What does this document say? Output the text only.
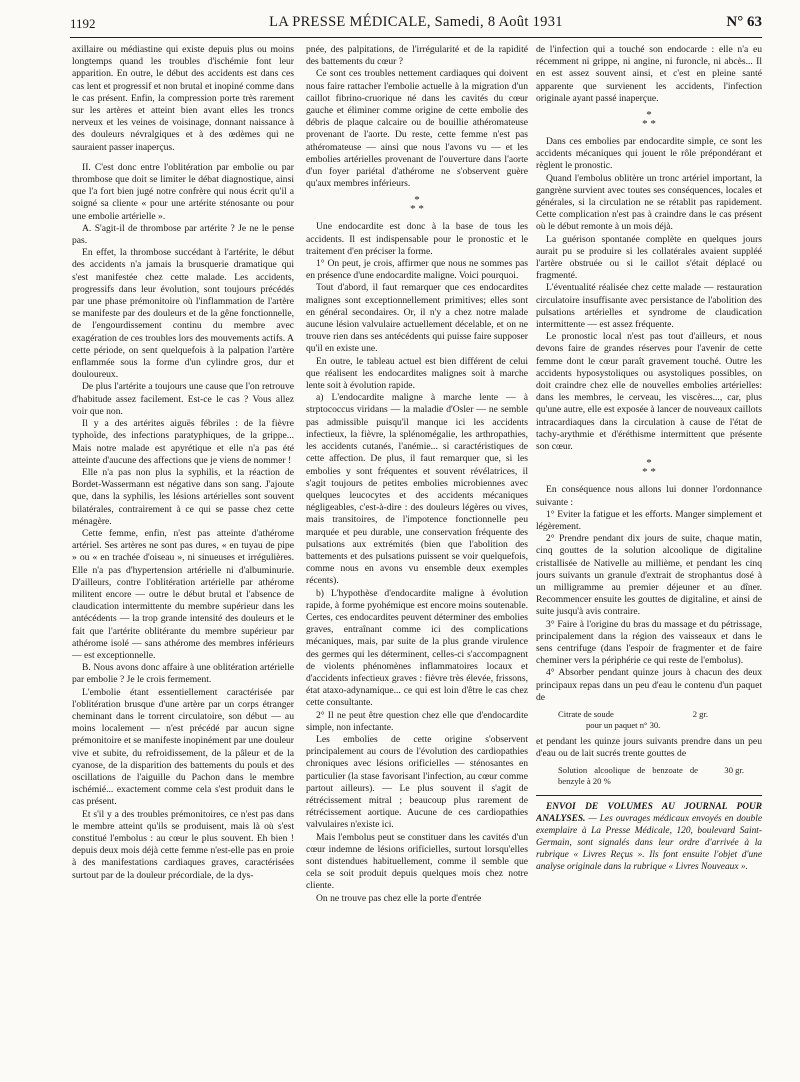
1192	LA PRESSE MÉDICALE, Samedi, 8 Août 1931	N° 63

axillaire ou médiastine qui existe depuis plus ou moins longtemps quand les troubles d'ischémie font leur apparition. En outre, le début des accidents est dans ces cas lent et progressif et non brutal et inopiné comme dans le cas présent. Enfin, la compression porte très rarement sur les artères et atteint bien avant elles les troncs nerveux et les veines de voisinage, donnant naissance à des douleurs névralgiques et à des œdèmes qui ne sauraient passer inaperçus.

II. C'est donc entre l'oblitération par embolie ou par thrombose que doit se limiter le débat diagnostique, ainsi que l'a fort bien jugé notre confrère qui nous écrit qu'il a soigné sa cliente « pour une artérite sténosante ou pour une embolie artérielle ».

A. S'agit-il de thrombose par artérite ? Je ne le pense pas.

En effet, la thrombose succédant à l'artérite, le début des accidents n'a jamais la brusquerie dramatique qui s'est manifestée chez cette malade. Les accidents, progressifs dans leur évolution, sont toujours précédés par une phase prémonitoire où l'inflammation de l'artère se manifeste par des douleurs et de la gêne fonctionnelle, de l'engourdissement continu du membre avec exagération de ces troubles lors des mouvements actifs. A cette période, on sent quelquefois à la palpation l'artère enflammée sous la forme d'un cylindre gros, dur et douloureux.

De plus l'artérite a toujours une cause que l'on retrouve d'habitude assez facilement. Est-ce le cas ? Vous allez voir que non.

Il y a des artérites aiguës fébriles : de la fièvre typhoïde, des infections paratyphiques, de la grippe... Mais notre malade est apyrétique et elle n'a pas été atteinte d'aucune des affections que je viens de nommer !

Elle n'a pas non plus la syphilis, et la réaction de Bordet-Wassermann est négative dans son sang. J'ajoute que, dans la syphilis, les lésions artérielles sont souvent bilatérales, contrairement à ce qui se passe chez cette ménagère.

Cette femme, enfin, n'est pas atteinte d'athérome artériel. Ses artères ne sont pas dures, « en tuyau de pipe » ou « en trachée d'oiseau », ni sinueuses et irrégulières. Elle n'a pas d'hypertension artérielle ni d'albuminurie. D'ailleurs, contre l'oblitération artérielle par athérome militent encore — outre le début brutal et l'absence de claudication intermittente du membre supérieur dans les antécédents — la trop grande intensité des douleurs et le fait que l'artérite oblitérante du membre supérieur par athérome isolé — sans athérome des membres inférieurs — est exceptionnelle.

B. Nous avons donc affaire à une oblitération artérielle par embolie ? Je le crois fermement.

L'embolie étant essentiellement caractérisée par l'oblitération brusque d'une artère par un corps étranger cheminant dans le torrent circulatoire, son début — au moins localement — n'est précédé par aucun signe prémonitoire et se manifeste inopinément par une douleur vive et subite, du refroidissement, de la pâleur et de la cyanose, de la disparition des battements du pouls et des oscillations de l'aiguille du Pachon dans le membre ischémié... exactement comme cela s'est produit dans le cas présent.

Et s'il y a des troubles prémonitoires, ce n'est pas dans le membre atteint qu'ils se produisent, mais là où s'est constitué l'embolus : au cœur le plus souvent. Eh bien ! depuis deux mois déjà cette femme n'est-elle pas en proie à des manifestations cardiaques graves, caractérisées surtout par de la douleur précordiale, de la dys-

pnée, des palpitations, de l'irrégularité et de la rapidité des battements du cœur ?

Ce sont ces troubles nettement cardiaques qui doivent nous faire rattacher l'embolie actuelle à la migration d'un caillot fibrino-cruorique né dans les cavités du cœur gauche et éliminer comme origine de cette embolie des débris de plaque calcaire ou de bouillie athéromateuse provenant de l'aorte. Du reste, cette femme n'est pas athéromateuse — ainsi que nous l'avons vu — et les embolies artérielles provenant de l'ouverture dans l'aorte d'un foyer pariétal d'athérome ne s'observent guère qu'aux membres inférieurs.

*
* *

Une endocardite est donc à la base de tous les accidents. Il est indispensable pour le pronostic et le traitement d'en préciser la forme.

1° On peut, je crois, affirmer que nous ne sommes pas en présence d'une endocardite maligne. Voici pourquoi.

Tout d'abord, il faut remarquer que ces endocardites malignes sont exceptionnellement primitives; elles sont en général secondaires. Or, il n'y a chez notre malade aucune lésion valvulaire actuellement décelable, et on ne trouve rien dans ses antécédents qui puisse faire supposer qu'il en existe une.

En outre, le tableau actuel est bien différent de celui que réalisent les endocardites malignes soit à marche lente soit à évolution rapide.

a) L'endocardite maligne à marche lente — à strptococcus viridans — la maladie d'Osler — ne semble pas admissible puisqu'il manque ici les accidents infectieux, la fièvre, la splénomégalie, les arthropathies, les accidents cutanés, l'anémie... si caractéristiques de cette affection. De plus, il faut remarquer que, si les embolies y sont fréquentes et souvent révélatrices, il s'agit toujours de petites embolies microbiennes avec quelques leucocytes et des accidents mécaniques négligeables, c'est-à-dire : des douleurs légères ou vives, mais transitoires, de l'impotence fonctionnelle peu marquée et peu durable, une conservation fréquente des pulsations aux extrémités (bien que l'abolition des battements et des pulsations puissent se voir quelquefois, comme nous en avons vu ensemble deux exemples récents).

b) L'hypothèse d'endocardite maligne à évolution rapide, à forme pyohémique est encore moins soutenable. Certes, ces endocardites peuvent déterminer des embolies graves, entraînant comme ici des complications mécaniques, mais, par suite de la plus grande virulence des germes qui les déterminent, celles-ci s'accompagnent de violents phénomènes inflammatoires locaux et d'accidents infectieux graves : fièvre très élevée, frissons, état ataxo-adynamique... ce qui est loin d'être le cas chez cette consultante.

2° Il ne peut être question chez elle que d'endocardite simple, non infectante.

Les embolies de cette origine s'observent principalement au cours de l'évolution des cardiopathies chroniques avec lésions orificielles — sténosantes en particulier (la stase favorisant l'infection, au cœur comme partout ailleurs). — Le plus souvent il s'agit de rétrécissement mitral ; beaucoup plus rarement de rétrécissement aortique. Aucune de ces cardiopathies valvulaires n'existe ici.

Mais l'embolus peut se constituer dans les cavités d'un cœur indemne de lésions orificielles, surtout lorsqu'elles sont distendues habituellement, comme il semble que cela se soit produit depuis quelques mois chez notre cliente.

On ne trouve pas chez elle la porte d'entrée

de l'infection qui a touché son endocarde : elle n'a eu récemment ni grippe, ni angine, ni furoncle, ni abcès... Il en est assez souvent ainsi, et c'est en pleine santé apparente que survienent les accidents, l'infection originale ayant passé inaperçue.

*
* *

Dans ces embolies par endocardite simple, ce sont les accidents mécaniques qui jouent le rôle prépondérant et règlent le pronostic.

Quand l'embolus oblitère un tronc artériel important, la gangrène survient avec toutes ses conséquences, locales et générales, si la circulation ne se rétablit pas rapidement. Cette complication n'est pas à craindre dans le cas présent où le début remonte à un mois déjà.

La guérison spontanée complète en quelques jours aurait pu se produire si les collatérales avaient suppléé l'artère obstruée ou si le caillot s'était déplacé ou fragmenté.

L'éventualité réalisée chez cette malade — restauration circulatoire insuffisante avec persistance de l'abolition des pulsations artérielles et syndrome de claudication intermittente — est assez fréquente.

Le pronostic local n'est pas tout d'ailleurs, et nous devons faire de grandes réserves pour l'avenir de cette femme dont le cœur paraît gravement touché. Outre les accidents hyposystoliques ou asystoliques possibles, on doit craindre chez elle de nouvelles embolies artérielles: dans les membres, le cerveau, les viscères..., car, plus qu'une autre, elle est exposée à lancer de nouveaux caillots intracardiaques dans la circulation à cause de l'état de tachy-arythmie et d'éréthisme intermittent que présente son cœur.

*
* *

En conséquence nous allons lui donner l'ordonnance suivante :

1° Eviter la fatigue et les efforts. Manger simplement et légèrement.

2° Prendre pendant dix jours de suite, chaque matin, cinq gouttes de la solution alcoolique de digitaline cristallisée de Nativelle au millième, et pendant les cinq jours suivants un granule d'extrait de strophantus dosé à un milligramme au premier déjeuner et au dîner. Recommencer ensuite les gouttes de digitaline, et ainsi de suite jusqu'à avis contraire.

3° Faire à l'origine du bras du massage et du pétrissage, principalement dans la région des vaisseaux et dans le sens centrifuge (dans l'espoir de fragmenter et de faire cheminer vers la périphérie ce qui reste de l'embolus).

4° Absorber pendant quinze jours à chacun des deux principaux repas dans un peu d'eau le contenu d'un paquet de

Citrate de soude	2 gr.
pour un paquet n° 30.

et pendant les quinze jours suivants prendre dans un peu d'eau ou de lait sucrés trente gouttes de

Solution alcoolique de benzoate de benzyle à 20 %
30 gr.

ENVOI DE VOLUMES AU JOURNAL POUR ANALYSES. — Les ouvrages médicaux envoyés en double exemplaire à La Presse Médicale, 120, boulevard Saint-Germain, sont signalés dans leur ordre d'arrivée à la rubrique « Livres Reçus ». Ils font ensuite l'objet d'une analyse originale dans la rubrique « Livres Nouveaux ».
